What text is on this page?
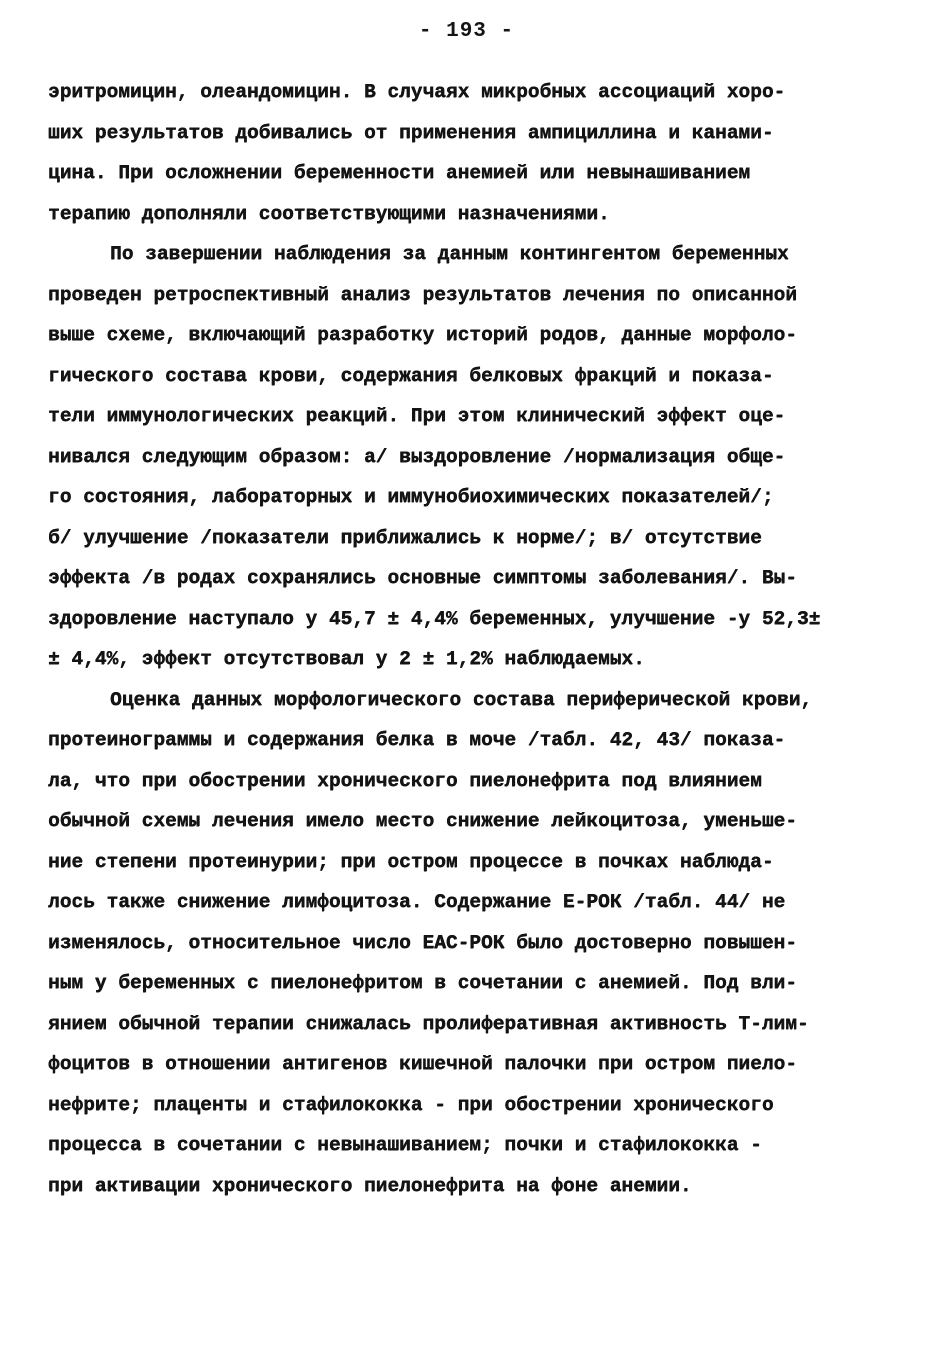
- 193 -
эритромицин, олеандомицин. В случаях микробных ассоциаций хоро-
ших результатов добивались от применения ампициллина и канами-
цина. При осложнении беременности анемией или невынашиванием
терапию дополняли соответствующими назначениями.
По завершении наблюдения за данным контингентом беременных
проведен ретроспективный анализ результатов лечения по описанной
выше схеме, включающий разработку историй родов, данные морфоло-
гического состава крови, содержания белковых фракций и показа-
тели иммунологических реакций. При этом клинический эффект оце-
нивался следующим образом: а/ выздоровление /нормализация обще-
го состояния, лабораторных и иммунобиохимических показателей/;
б/ улучшение /показатели приближались к норме/; в/ отсутствие
эффекта /в родах сохранялись основные симптомы заболевания/. Вы-
здоровление наступало у 45,7 ± 4,4% беременных, улучшение -у 52,3±
± 4,4%, эффект отсутствовал у 2 ± 1,2% наблюдаемых.
Оценка данных морфологического состава периферической крови,
протеинограммы и содержания белка в моче /табл. 42, 43/ показа-
ла, что при обострении хронического пиелонефрита под влиянием
обычной схемы лечения имело место снижение лейкоцитоза, уменьше-
ние степени протеинурии; при остром процессе в почках наблюда-
лось также снижение лимфоцитоза. Содержание Е-РОК /табл. 44/ не
изменялось, относительное число ЕАС-РОК было достоверно повышен-
ным у беременных с пиелонефритом в сочетании с анемией. Под вли-
янием обычной терапии снижалась пролиферативная активность Т-лим-
фоцитов в отношении антигенов кишечной палочки при остром пиело-
нефрите; плаценты и стафилококка - при обострении хронического
процесса в сочетании с невынашиванием; почки и стафилококка -
при активации хронического пиелонефрита на фоне анемии.
